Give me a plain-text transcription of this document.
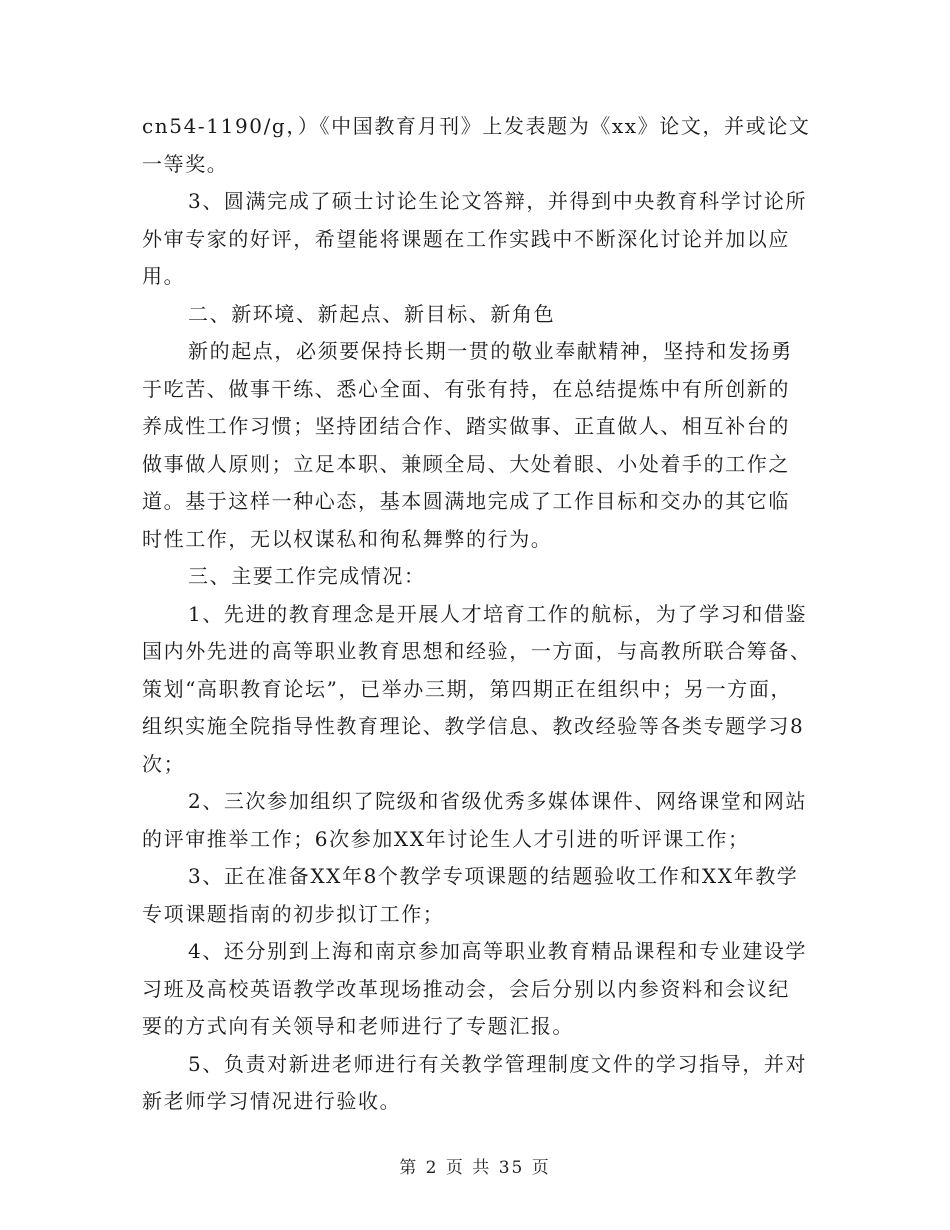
cn54-1190/g，）《中国教育月刊》上发表题为《xx》论文，并或论文
一等奖。
3、圆满完成了硕士讨论生论文答辩，并得到中央教育科学讨论所
外审专家的好评，希望能将课题在工作实践中不断深化讨论并加以应
用。
二、新环境、新起点、新目标、新角色
新的起点，必须要保持长期一贯的敬业奉献精神，坚持和发扬勇
于吃苦、做事干练、悉心全面、有张有持，在总结提炼中有所创新的
养成性工作习惯；坚持团结合作、踏实做事、正直做人、相互补台的
做事做人原则；立足本职、兼顾全局、大处着眼、小处着手的工作之
道。基于这样一种心态，基本圆满地完成了工作目标和交办的其它临
时性工作，无以权谋私和徇私舞弊的行为。
三、主要工作完成情况：
1、先进的教育理念是开展人才培育工作的航标，为了学习和借鉴
国内外先进的高等职业教育思想和经验，一方面，与高教所联合筹备、
策划“高职教育论坛”，已举办三期，第四期正在组织中；另一方面，
组织实施全院指导性教育理论、教学信息、教改经验等各类专题学习8
次；
2、三次参加组织了院级和省级优秀多媒体课件、网络课堂和网站
的评审推举工作；6次参加XX年讨论生人才引进的听评课工作；
3、正在准备XX年8个教学专项课题的结题验收工作和XX年教学
专项课题指南的初步拟订工作；
4、还分别到上海和南京参加高等职业教育精品课程和专业建设学
习班及高校英语教学改革现场推动会，会后分别以内参资料和会议纪
要的方式向有关领导和老师进行了专题汇报。
5、负责对新进老师进行有关教学管理制度文件的学习指导，并对
新老师学习情况进行验收。
第 2 页 共 35 页
